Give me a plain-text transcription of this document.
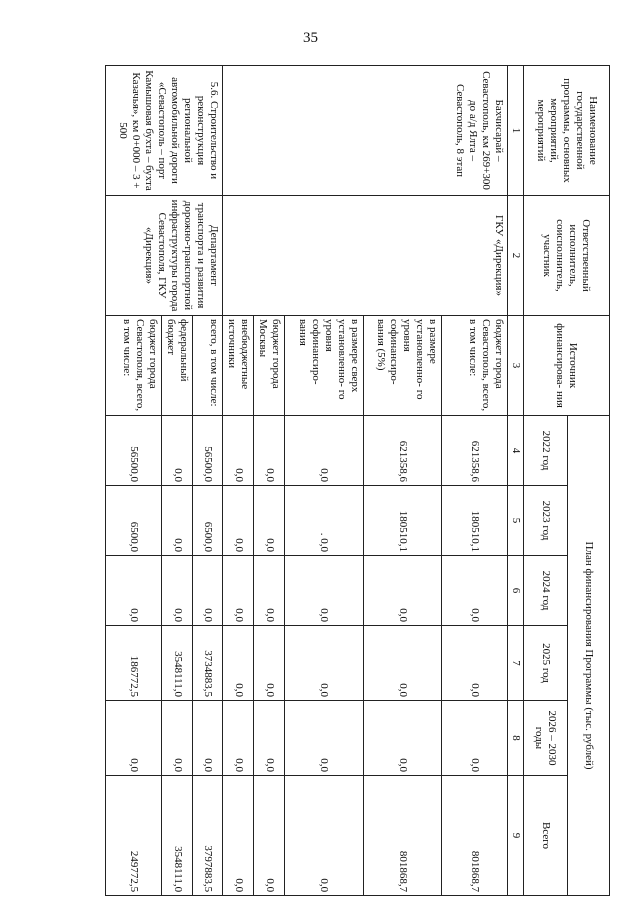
35
Наименование государственной программы, основных мероприятий, мероприятий	Ответственный исполнитель, соисполнитель, участник	Источник финансирова- ния	План финансирования Программы (тыс. рублей)					
			2022 год	2023 год	2024 год	2025 год	2026 – 2030 годы	Всего
1	2	3	4	5	6	7	8	9
Бахчисарай – Севастополь, км 269+300 до а/д Ялта – Севастополь, 8 этап	ГКУ «Дирекция»	бюджет города Севастополь, всего, в том числе:	621358,6	180510,1	0,0	0,0	0,0	801868,7
		в размере установленно- го уровня софинансиро- вания (5%)	621358,6	180510,1	0,0	0,0	0,0	801868,7
		в размере сверх установленно- го уровня софинансиро- вания	0,0	. 0,0	0,0	0,0	0,0	0,0
		бюджет города Москвы	0,0	0,0	0,0	0,0	0,0	0,0
		внебюджетные источники	0,0	0,0	0,0	0,0	0,0	0,0
5.6. Строительство и реконструкция региональной автомобильной дороги «Севастополь – порт Камышовая бухта – бухта Казачья», км 0+000 – 3 + 500	Департамент транспорта и развития дорожно-транспортной инфраструктуры города Севастополя, ГКУ «Дирекция»	всего, в том числе:	56500,0	6500,0	0,0	3734883,5	0,0	3797883,5
		федеральный бюджет	0,0	0,0	0,0	3548111,0	0,0	3548111,0
		бюджет города Севастополя, всего, в том числе:	56500,0	6500,0	0,0	186772,5	0,0	249772,5
